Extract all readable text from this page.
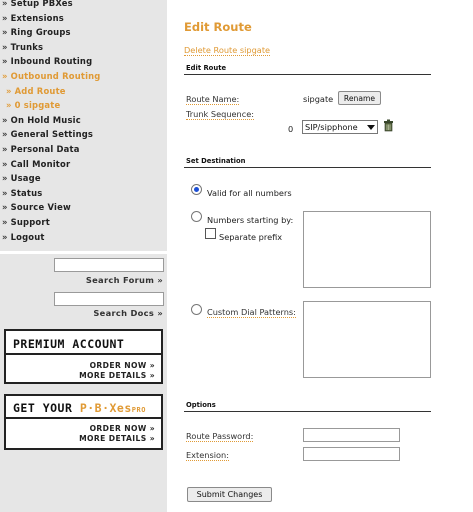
» Setup PBXes
» Extensions
» Ring Groups
» Trunks
» Inbound Routing
» Outbound Routing
» Add Route
» 0 sipgate
» On Hold Music
» General Settings
» Personal Data
» Call Monitor
» Usage
» Status
» Source View
» Support
» Logout
Search Forum »
Search Docs »
PREMIUM ACCOUNT
ORDER NOW »
MORE DETAILS »
GET YOUR P·B·XesPRO
ORDER NOW »
MORE DETAILS »
Edit Route
Delete Route sipgate
Edit Route
Route Name:	sipgate	Rename
Trunk Sequence:
0	SIP/sipphone
Set Destination
Valid for all numbers
Numbers starting by:
Separate prefix
Custom Dial Patterns:
Options
Route Password:
Extension:
Submit Changes
